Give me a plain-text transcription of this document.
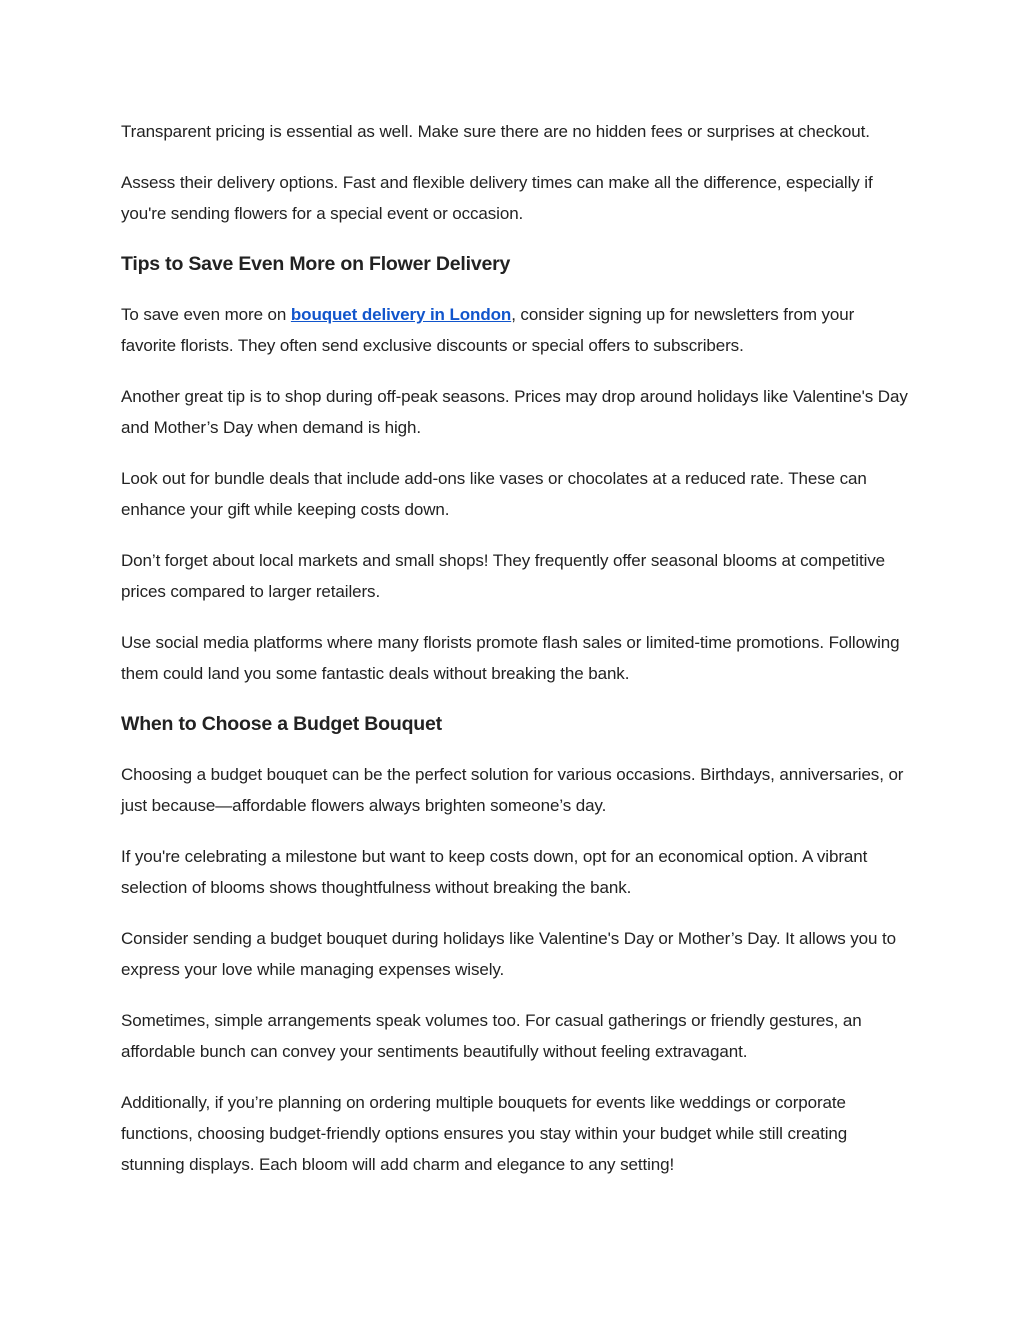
Transparent pricing is essential as well. Make sure there are no hidden fees or surprises at checkout.

Assess their delivery options. Fast and flexible delivery times can make all the difference, especially if you're sending flowers for a special event or occasion.

Tips to Save Even More on Flower Delivery

To save even more on bouquet delivery in London, consider signing up for newsletters from your favorite florists. They often send exclusive discounts or special offers to subscribers.

Another great tip is to shop during off-peak seasons. Prices may drop around holidays like Valentine's Day and Mother’s Day when demand is high.

Look out for bundle deals that include add-ons like vases or chocolates at a reduced rate. These can enhance your gift while keeping costs down.

Don’t forget about local markets and small shops! They frequently offer seasonal blooms at competitive prices compared to larger retailers.

Use social media platforms where many florists promote flash sales or limited-time promotions. Following them could land you some fantastic deals without breaking the bank.

When to Choose a Budget Bouquet

Choosing a budget bouquet can be the perfect solution for various occasions. Birthdays, anniversaries, or just because—affordable flowers always brighten someone’s day.

If you're celebrating a milestone but want to keep costs down, opt for an economical option. A vibrant selection of blooms shows thoughtfulness without breaking the bank.

Consider sending a budget bouquet during holidays like Valentine's Day or Mother’s Day. It allows you to express your love while managing expenses wisely.

Sometimes, simple arrangements speak volumes too. For casual gatherings or friendly gestures, an affordable bunch can convey your sentiments beautifully without feeling extravagant.

Additionally, if you’re planning on ordering multiple bouquets for events like weddings or corporate functions, choosing budget-friendly options ensures you stay within your budget while still creating stunning displays. Each bloom will add charm and elegance to any setting!
